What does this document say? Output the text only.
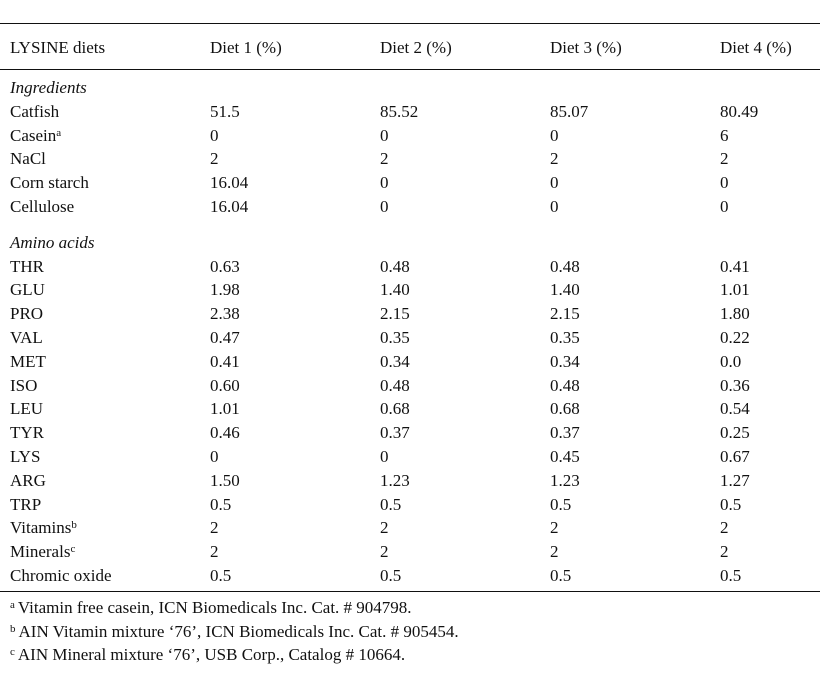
LYSINE diets	Diet 1 (%)	Diet 2 (%)	Diet 3 (%)	Diet 4 (%)

Ingredients				
Catfish	51.5	85.52	85.07	80.49
Casein$^a$	0	0	0	6
NaCl	2	2	2	2
Corn starch	16.04	0	0	0
Cellulose	16.04	0	0	0

Amino acids				
THR	0.63	0.48	0.48	0.41
GLU	1.98	1.40	1.40	1.01
PRO	2.38	2.15	2.15	1.80
VAL	0.47	0.35	0.35	0.22
MET	0.41	0.34	0.34	0.0
ISO	0.60	0.48	0.48	0.36
LEU	1.01	0.68	0.68	0.54
TYR	0.46	0.37	0.37	0.25
LYS	0	0	0.45	0.67
ARG	1.50	1.23	1.23	1.27
TRP	0.5	0.5	0.5	0.5
Vitamins$^b$	2	2	2	2
Minerals$^c$	2	2	2	2
Chromic oxide	0.5	0.5	0.5	0.5
$^a$ Vitamin free casein, ICN Biomedicals Inc. Cat. # 904798.
$^b$ AIN Vitamin mixture ‘76’, ICN Biomedicals Inc. Cat. # 905454.
$^c$ AIN Mineral mixture ‘76’, USB Corp., Catalog # 10664.
